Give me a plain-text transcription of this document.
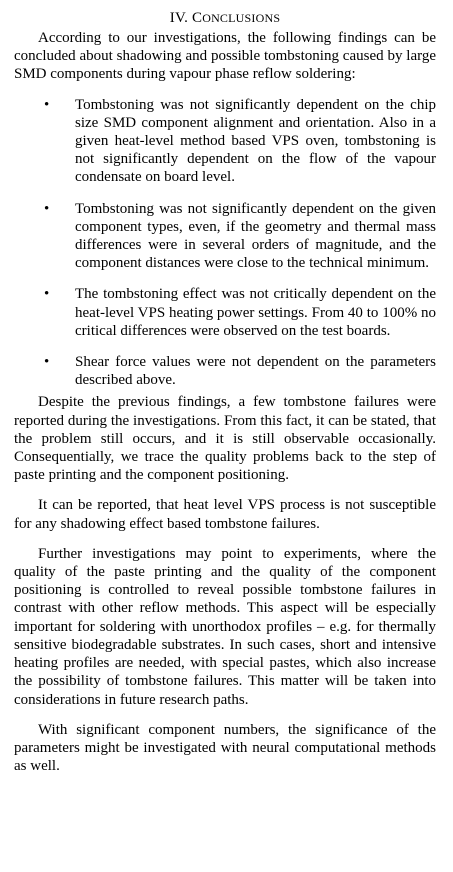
IV. CONCLUSIONS

According to our investigations, the following findings can be concluded about shadowing and possible tombstoning caused by large SMD components during vapour phase reflow soldering:

• Tombstoning was not significantly dependent on the chip size SMD component alignment and orientation. Also in a given heat-level method based VPS oven, tombstoning is not significantly dependent on the flow of the vapour condensate on board level.
• Tombstoning was not significantly dependent on the given component types, even, if the geometry and thermal mass differences were in several orders of magnitude, and the component distances were close to the technical minimum.
• The tombstoning effect was not critically dependent on the heat-level VPS heating power settings. From 40 to 100% no critical differences were observed on the test boards.
• Shear force values were not dependent on the parameters described above.

Despite the previous findings, a few tombstone failures were reported during the investigations. From this fact, it can be stated, that the problem still occurs, and it is still observable occasionally. Consequentially, we trace the quality problems back to the step of paste printing and the component positioning.

It can be reported, that heat level VPS process is not susceptible for any shadowing effect based tombstone failures.

Further investigations may point to experiments, where the quality of the paste printing and the quality of the component positioning is controlled to reveal possible tombstone failures in contrast with other reflow methods. This aspect will be especially important for soldering with unorthodox profiles – e.g. for thermally sensitive biodegradable substrates. In such cases, short and intensive heating profiles are needed, with special pastes, which also increase the possibility of tombstone failures. This matter will be taken into considerations in future research paths.

With significant component numbers, the significance of the parameters might be investigated with neural computational methods as well.
